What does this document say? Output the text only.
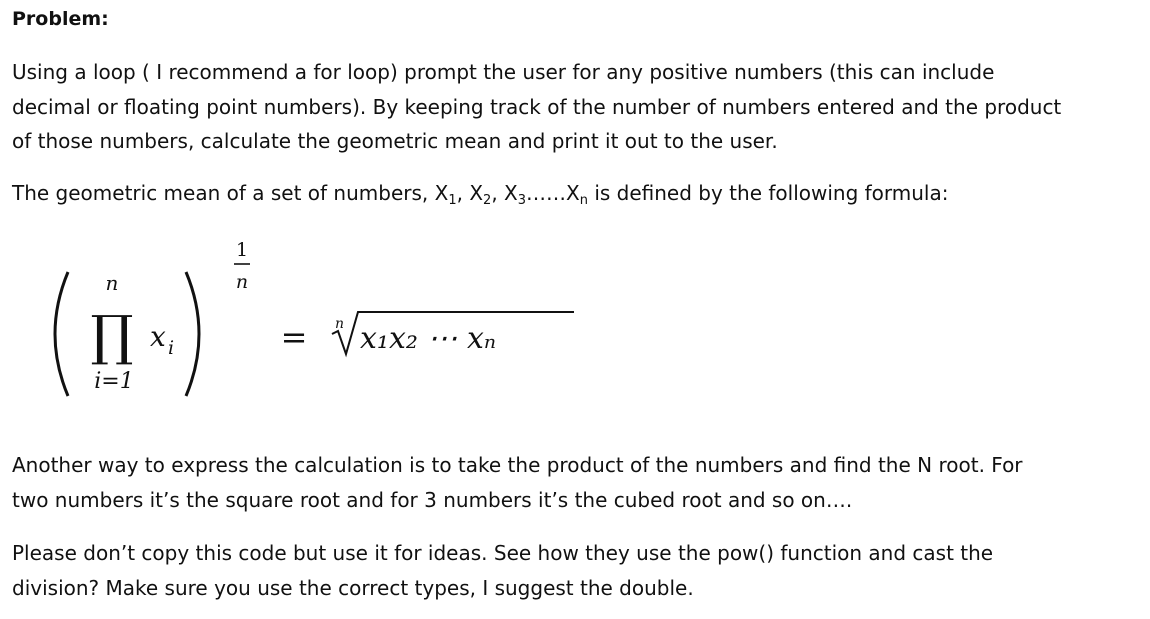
Problem:

Using a loop ( I recommend a for loop) prompt the user for any positive numbers (this can include
decimal or floating point numbers). By keeping track of the number of numbers entered and the product
of those numbers, calculate the geometric mean and print it out to the user.

The geometric mean of a set of numbers, $X_1$, $X_2$, $X_3\dots\dots X_n$ is defined by the following formula:

Another way to express the calculation is to take the product of the numbers and find the N root. For
two numbers it’s the square root and for 3 numbers it’s the cubed root and so on….

Please don’t copy this code but use it for ideas. See how they use the pow() function and cast the
division? Make sure you use the correct types, I suggest the double.

n
∏
i=1
x i
1
n
= n x₁x₂ ⋯ xₙ
